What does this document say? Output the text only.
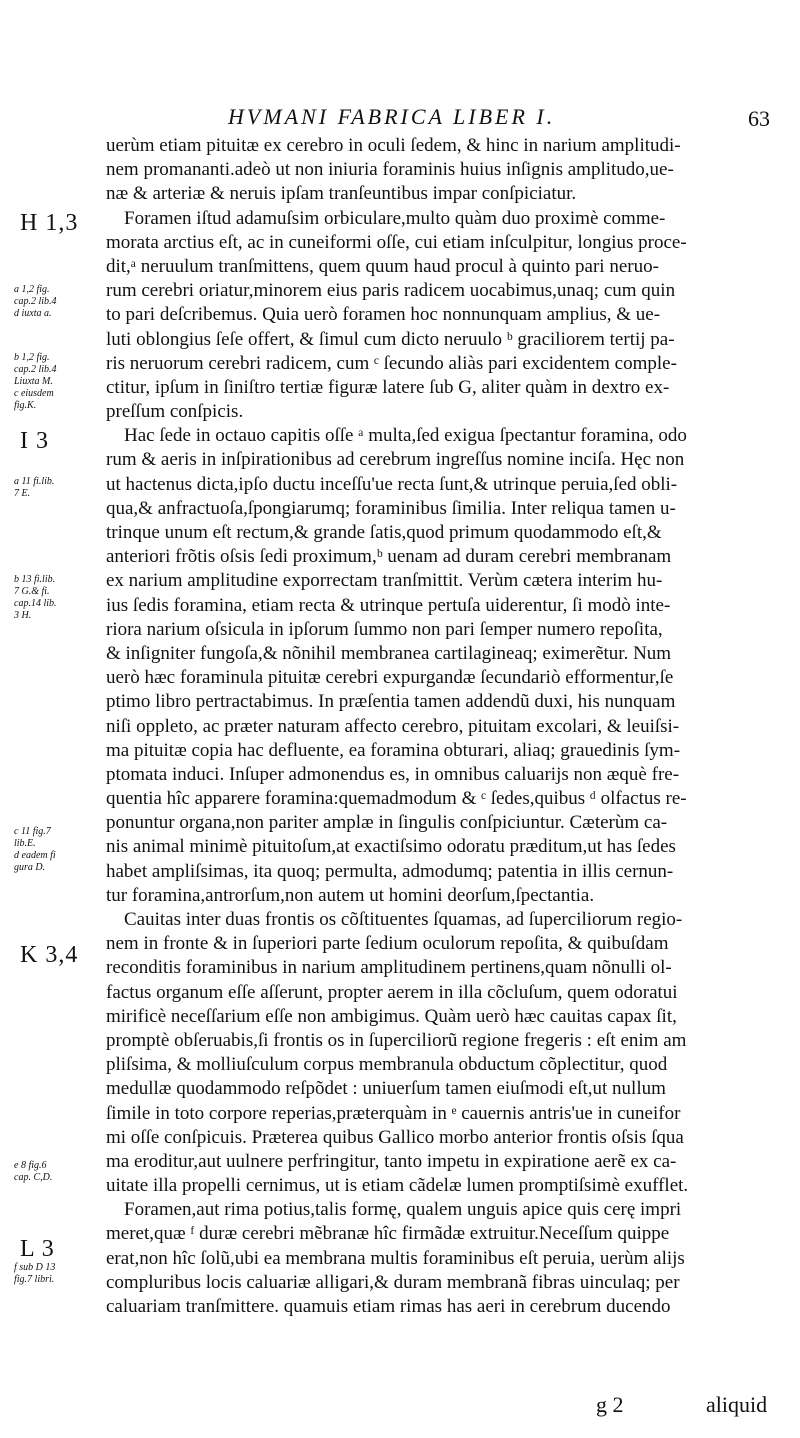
HVMANI FABRICA LIBER I.	63
H 1,3
I 3
K 3,4
L 3
a 1,2 fig.
cap.2 lib.4
d iuxta a.
b 1,2 fig.
cap.2 lib.4
Liuxta M.
c eiusdem
fig.K.
a 11 fi.lib.
7 E.
b 13 fi.lib.
7 G.& fi.
cap.14 lib.
3 H.
c 11 fig.7
lib.E.
d eadem fi
gura D.
e 8 fig.6
cap. C,D.
f sub D 13
fig.7 libri.
uerùm etiam pituitæ ex cerebro in oculi ſedem, & hinc in narium amplitudi-
nem promananti.adeò ut non iniuria foraminis huius inſignis amplitudo,ue-
næ & arteriæ & neruis ipſam tranſeuntibus impar conſpiciatur.
Foramen iſtud adamuſsim orbiculare,multo quàm duo proximè comme-
morata arctius eſt, ac in cuneiformi oſſe, cui etiam inſculpitur, longius proce-
dit,ᵃ neruulum tranſmittens, quem quum haud procul à quinto pari neruo-
rum cerebri oriatur,minorem eius paris radicem uocabimus,unaq; cum quin
to pari deſcribemus. Quia uerò foramen hoc nonnunquam amplius, & ue-
luti oblongius ſeſe offert, & ſimul cum dicto neruulo ᵇ graciliorem tertij pa-
ris neruorum cerebri radicem, cum ᶜ ſecundo aliàs pari excidentem comple-
ctitur, ipſum in ſiniſtro tertiæ figuræ latere ſub G, aliter quàm in dextro ex-
preſſum conſpicis.
Hac ſede in octauo capitis oſſe ᵃ multa,ſed exigua ſpectantur foramina, odo
rum & aeris in inſpirationibus ad cerebrum ingreſſus nomine inciſa. Hęc non
ut hactenus dicta,ipſo ductu inceſſu'ue recta ſunt,& utrinque peruia,ſed obli-
qua,& anfractuoſa,ſpongiarumq; foraminibus ſimilia. Inter reliqua tamen u-
trinque unum eſt rectum,& grande ſatis,quod primum quodammodo eſt,&
anteriori frõtis oſsis ſedi proximum,ᵇ uenam ad duram cerebri membranam
ex narium amplitudine exporrectam tranſmittit. Verùm cætera interim hu-
ius ſedis foramina, etiam recta & utrinque pertuſa uiderentur, ſi modò inte-
riora narium oſsicula in ipſorum ſummo non pari ſemper numero repoſita,
& inſigniter fungoſa,& nõnihil membranea cartilagineaq; eximerẽtur. Num
uerò hæc foraminula pituitæ cerebri expurgandæ ſecundariò efformentur,ſe
ptimo libro pertractabimus. In præſentia tamen addendũ duxi, his nunquam
niſi oppleto, ac præter naturam affecto cerebro, pituitam excolari, & leuiſsi-
ma pituitæ copia hac defluente, ea foramina obturari, aliaq; grauedinis ſym-
ptomata induci. Inſuper admonendus es, in omnibus caluarijs non æquè fre-
quentia hîc apparere foramina:quemadmodum & ᶜ ſedes,quibus ᵈ olfactus re-
ponuntur organa,non pariter amplæ in ſingulis conſpiciuntur. Cæterùm ca-
nis animal minimè pituitoſum,at exactiſsimo odoratu præditum,ut has ſedes
habet ampliſsimas, ita quoq; permulta, admodumq; patentia in illis cernun-
tur foramina,antrorſum,non autem ut homini deorſum,ſpectantia.
Cauitas inter duas frontis os cõſtituentes ſquamas, ad ſuperciliorum regio-
nem in fronte & in ſuperiori parte ſedium oculorum repoſita, & quibuſdam
reconditis foraminibus in narium amplitudinem pertinens,quam nõnulli ol-
factus organum eſſe aſſerunt, propter aerem in illa cõcluſum, quem odoratui
mirificè neceſſarium eſſe non ambigimus. Quàm uerò hæc cauitas capax ſit,
promptè obſeruabis,ſi frontis os in ſuperciliorũ regione fregeris : eſt enim am
pliſsima, & molliuſculum corpus membranula obductum cõplectitur, quod
medullæ quodammodo reſpõdet : uniuerſum tamen eiuſmodi eſt,ut nullum
ſimile in toto corpore reperias,præterquàm in ᵉ cauernis antris'ue in cuneifor
mi oſſe conſpicuis. Præterea quibus Gallico morbo anterior frontis oſsis ſqua
ma eroditur,aut uulnere perfringitur, tanto impetu in expiratione aerẽ ex ca-
uitate illa propelli cernimus, ut is etiam cãdelæ lumen promptiſsimè exufflet.
Foramen,aut rima potius,talis formę, qualem unguis apice quis cerę impri
meret,quæ ᶠ duræ cerebri mẽbranæ hîc firmãdæ extruitur.Neceſſum quippe
erat,non hîc ſolũ,ubi ea membrana multis foraminibus eſt peruia, uerùm alijs
compluribus locis caluariæ alligari,& duram membranã fibras uinculaq; per
caluariam tranſmittere. quamuis etiam rimas has aeri in cerebrum ducendo
g 2	aliquid
